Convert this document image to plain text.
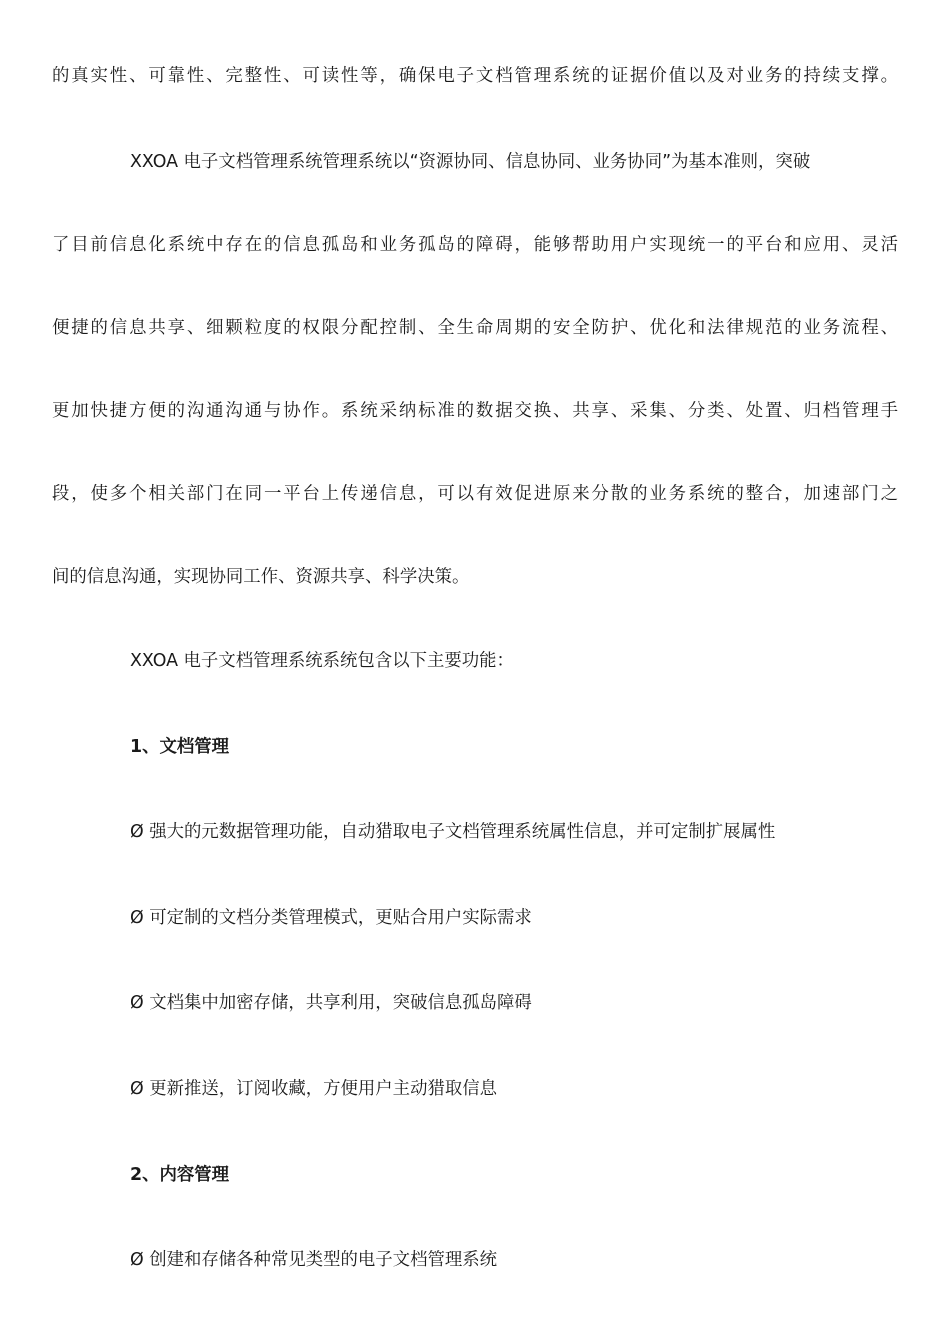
的真实性、可靠性、完整性、可读性等，确保电子文档管理系统的证据价值以及对业务的持续支撑。
XXOA 电子文档管理系统管理系统以“资源协同、信息协同、业务协同”为基本准则，突破
了目前信息化系统中存在的信息孤岛和业务孤岛的障碍，能够帮助用户实现统一的平台和应用、灵活
便捷的信息共享、细颗粒度的权限分配控制、全生命周期的安全防护、优化和法律规范的业务流程、
更加快捷方便的沟通沟通与协作。系统采纳标准的数据交换、共享、采集、分类、处置、归档管理手
段，使多个相关部门在同一平台上传递信息，可以有效促进原来分散的业务系统的整合，加速部门之
间的信息沟通，实现协同工作、资源共享、科学决策。
XXOA 电子文档管理系统系统包含以下主要功能：
1、文档管理
Ø 强大的元数据管理功能，自动猎取电子文档管理系统属性信息，并可定制扩展属性
Ø 可定制的文档分类管理模式，更贴合用户实际需求
Ø 文档集中加密存储，共享利用，突破信息孤岛障碍
Ø 更新推送，订阅收藏，方便用户主动猎取信息
2、内容管理
Ø 创建和存储各种常见类型的电子文档管理系统
